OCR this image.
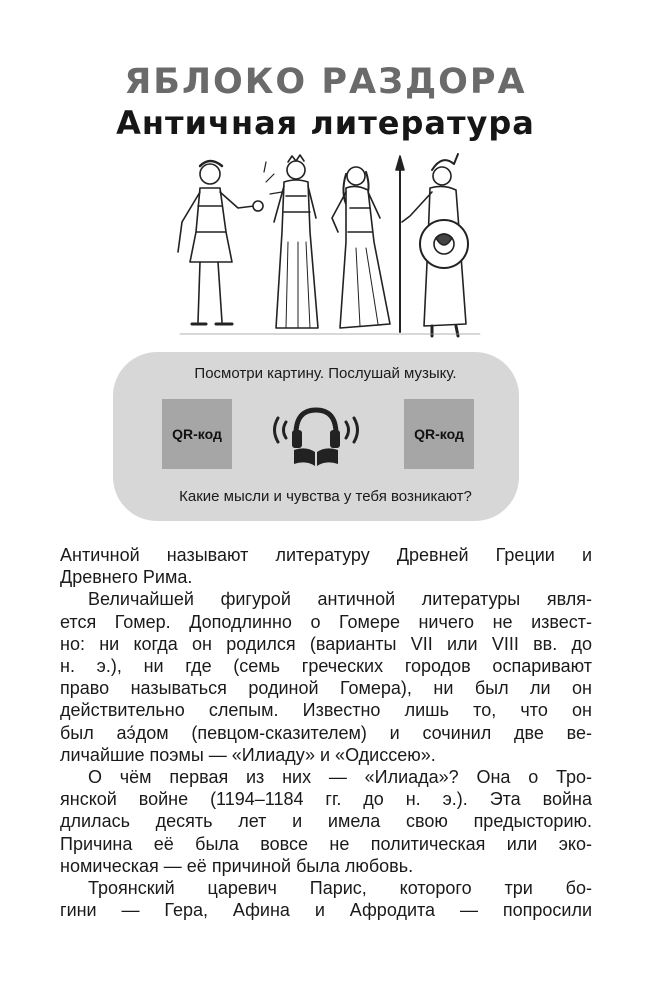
ЯБЛОКО РАЗДОРА
Античная литература
Посмотри картину. Послушай музыку.
QR-код	QR-код
Какие мысли и чувства у тебя возникают?

Античной называют литературу Древней Греции и

Древнего Рима.

Величайшей фигурой античной литературы явля-

ется Гомер. Доподлинно о Гомере ничего не извест-

но: ни когда он родился (варианты VII или VIII вв. до

н. э.), ни где (семь греческих городов оспаривают

право называться родиной Гомера), ни был ли он

действительно слепым. Известно лишь то, что он

был аэ́дом (певцом-сказителем) и сочинил две ве-

личайшие поэмы — «Илиаду» и «Одиссею».

О чём первая из них — «Илиада»? Она о Тро-

янской войне (1194–1184 гг. до н. э.). Эта война

длилась десять лет и имела свою предысторию.

Причина её была вовсе не политическая или эко-

номическая — её причиной была любовь.

Троянский царевич Парис, которого три бо-

гини — Гера, Афина и Афродита — попросили
